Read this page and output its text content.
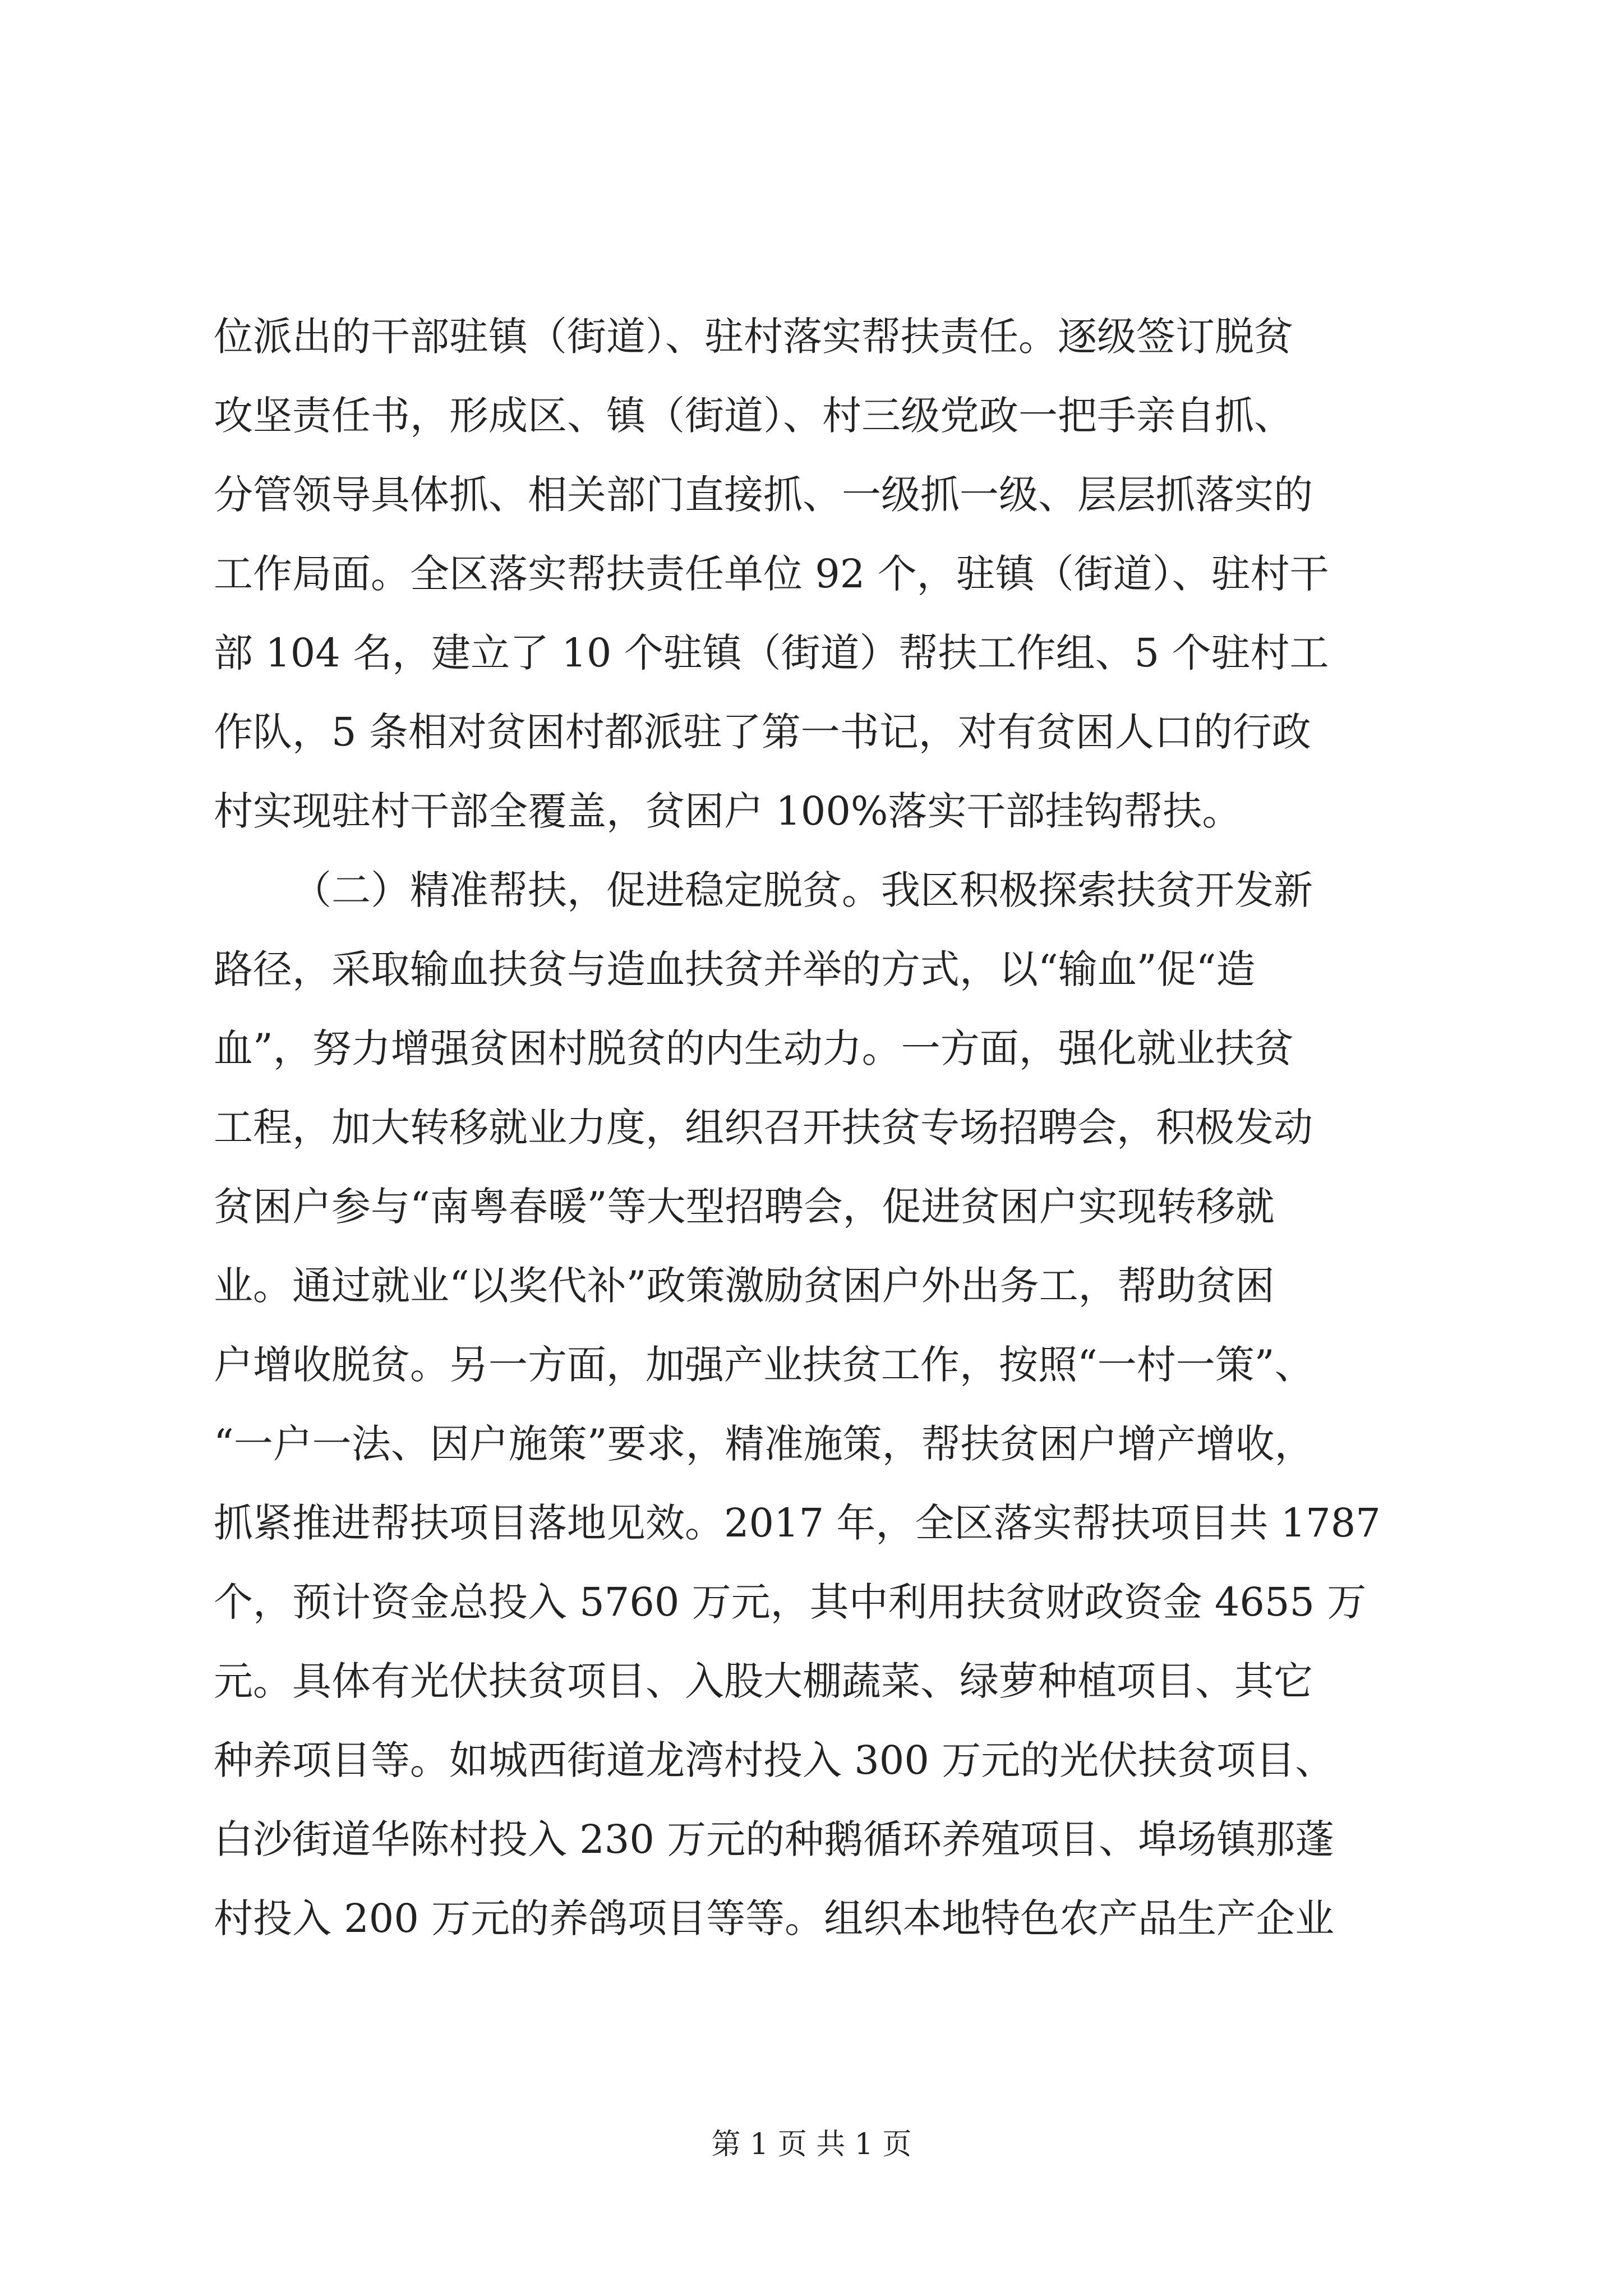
位派出的干部驻镇（街道）、驻村落实帮扶责任。逐级签订脱贫
攻坚责任书，形成区、镇（街道）、村三级党政一把手亲自抓、
分管领导具体抓、相关部门直接抓、一级抓一级、层层抓落实的
工作局面。全区落实帮扶责任单位 92 个，驻镇（街道）、驻村干
部 104 名，建立了 10 个驻镇（街道）帮扶工作组、5 个驻村工
作队，5 条相对贫困村都派驻了第一书记，对有贫困人口的行政
村实现驻村干部全覆盖，贫困户 100%落实干部挂钩帮扶。
（二）精准帮扶，促进稳定脱贫。我区积极探索扶贫开发新
路径，采取输血扶贫与造血扶贫并举的方式，以“输血”促“造
血”，努力增强贫困村脱贫的内生动力。一方面，强化就业扶贫
工程，加大转移就业力度，组织召开扶贫专场招聘会，积极发动
贫困户参与“南粤春暖”等大型招聘会，促进贫困户实现转移就
业。通过就业“以奖代补”政策激励贫困户外出务工，帮助贫困
户增收脱贫。另一方面，加强产业扶贫工作，按照“一村一策”、
“一户一法、因户施策”要求，精准施策，帮扶贫困户增产增收，
抓紧推进帮扶项目落地见效。2017 年，全区落实帮扶项目共 1787
个，预计资金总投入 5760 万元，其中利用扶贫财政资金 4655 万
元。具体有光伏扶贫项目、入股大棚蔬菜、绿萝种植项目、其它
种养项目等。如城西街道龙湾村投入 300 万元的光伏扶贫项目、
白沙街道华陈村投入 230 万元的种鹅循环养殖项目、埠场镇那蓬
村投入 200 万元的养鸽项目等等。组织本地特色农产品生产企业
第 1 页 共 1 页
